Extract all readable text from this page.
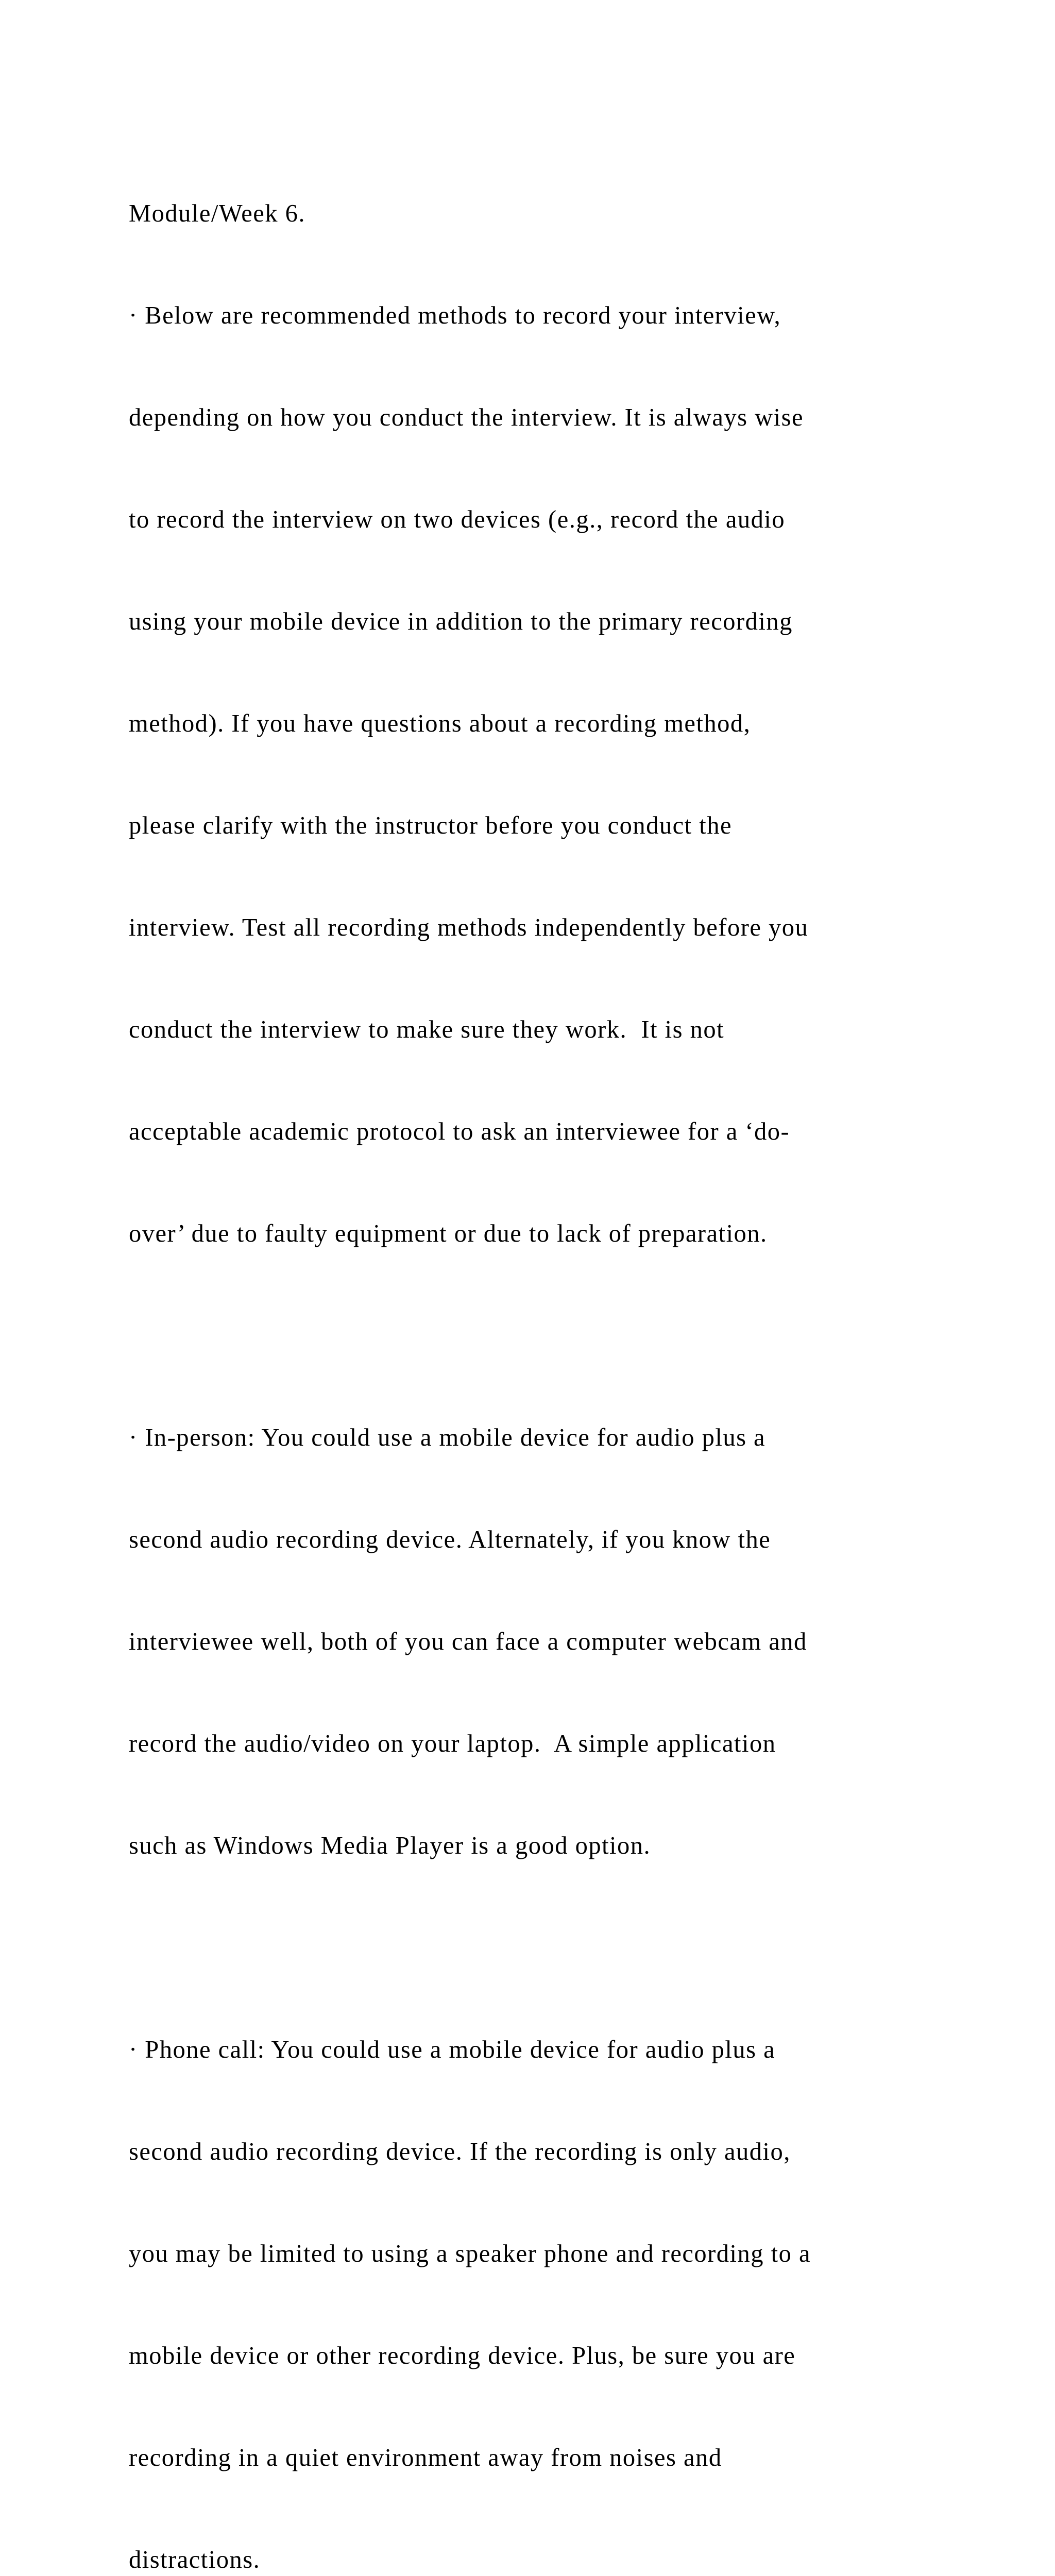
Module/Week 6.

· Below are recommended methods to record your interview,

depending on how you conduct the interview. It is always wise

to record the interview on two devices (e.g., record the audio

using your mobile device in addition to the primary recording

method). If you have questions about a recording method,

please clarify with the instructor before you conduct the

interview. Test all recording methods independently before you

conduct the interview to make sure they work.  It is not

acceptable academic protocol to ask an interviewee for a ‘do-

over’ due to faulty equipment or due to lack of preparation.

· In-person: You could use a mobile device for audio plus a

second audio recording device. Alternately, if you know the

interviewee well, both of you can face a computer webcam and

record the audio/video on your laptop.  A simple application

such as Windows Media Player is a good option.

· Phone call: You could use a mobile device for audio plus a

second audio recording device. If the recording is only audio,

you may be limited to using a speaker phone and recording to a

mobile device or other recording device. Plus, be sure you are

recording in a quiet environment away from noises and

distractions.
